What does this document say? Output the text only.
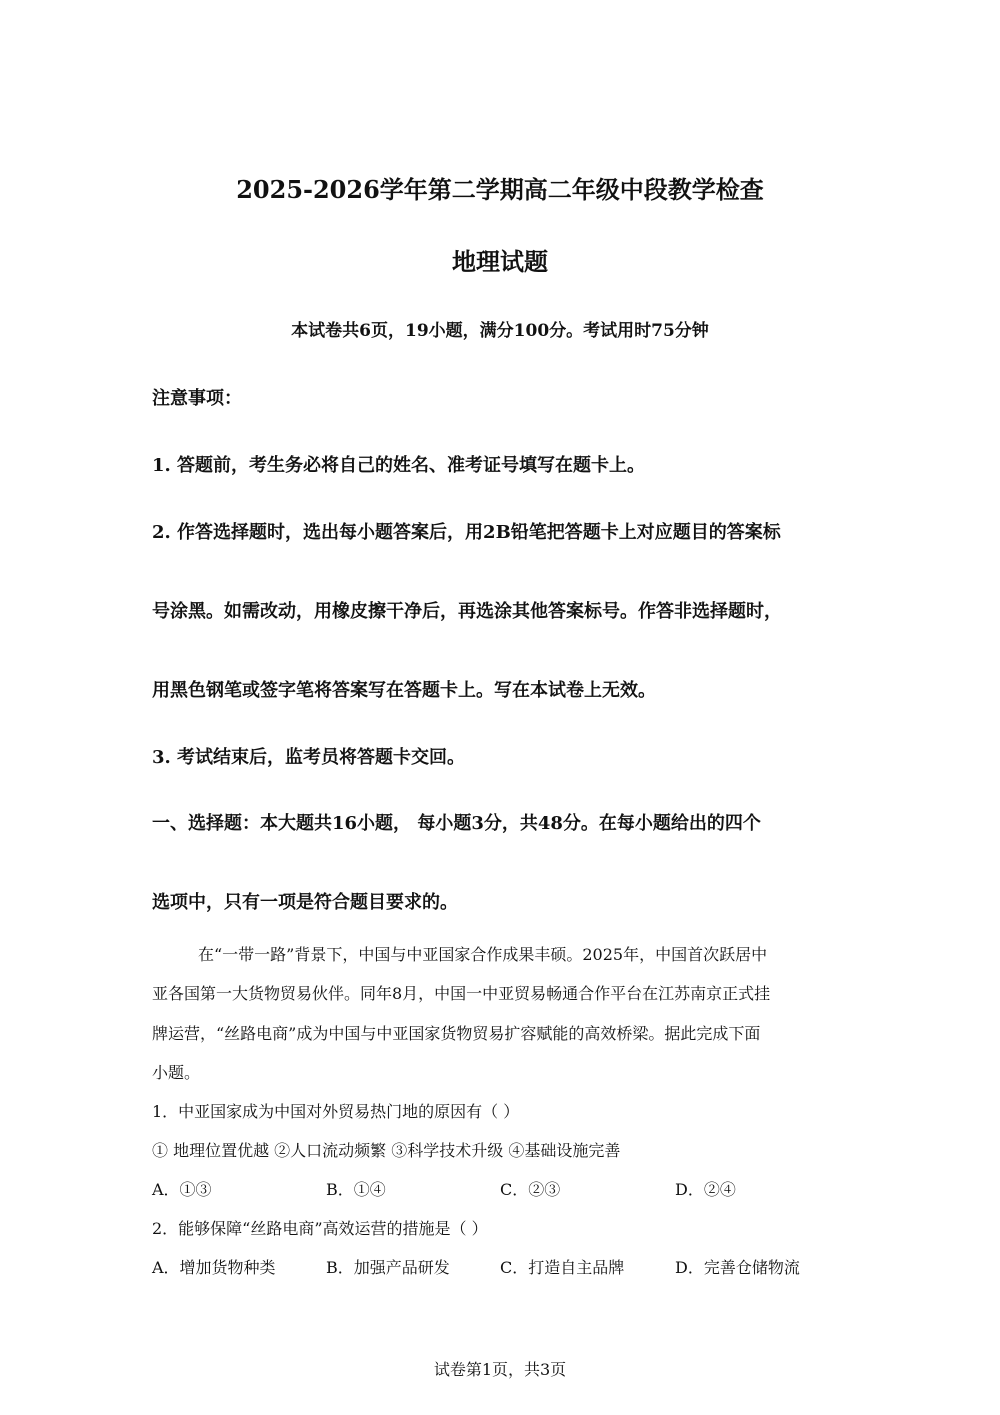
2025-2026学年第二学期高二年级中段教学检查
地理试题
本试卷共6页，19小题，满分100分。考试用时75分钟
注意事项：
1. 答题前，考生务必将自己的姓名、准考证号填写在题卡上。
2. 作答选择题时，选出每小题答案后，用2B铅笔把答题卡上对应题目的答案标
号涂黑。如需改动，用橡皮擦干净后，再选涂其他答案标号。作答非选择题时，
用黑色钢笔或签字笔将答案写在答题卡上。写在本试卷上无效。
3. 考试结束后，监考员将答题卡交回。
一、选择题：本大题共16小题， 每小题3分，共48分。在每小题给出的四个
选项中，只有一项是符合题目要求的。
在“一带一路”背景下，中国与中亚国家合作成果丰硕。2025年，中国首次跃居中
亚各国第一大货物贸易伙伴。同年8月，中国一中亚贸易畅通合作平台在江苏南京正式挂
牌运营，“丝路电商”成为中国与中亚国家货物贸易扩容赋能的高效桥梁。据此完成下面
小题。
1．中亚国家成为中国对外贸易热门地的原因有（ ）
① 地理位置优越 ②人口流动频繁 ③科学技术升级 ④基础设施完善
A．①③	B．①④	C．②③	D．②④
2．能够保障“丝路电商”高效运营的措施是（ ）
A．增加货物种类	B．加强产品研发	C．打造自主品牌	D．完善仓储物流
试卷第1页，共3页
